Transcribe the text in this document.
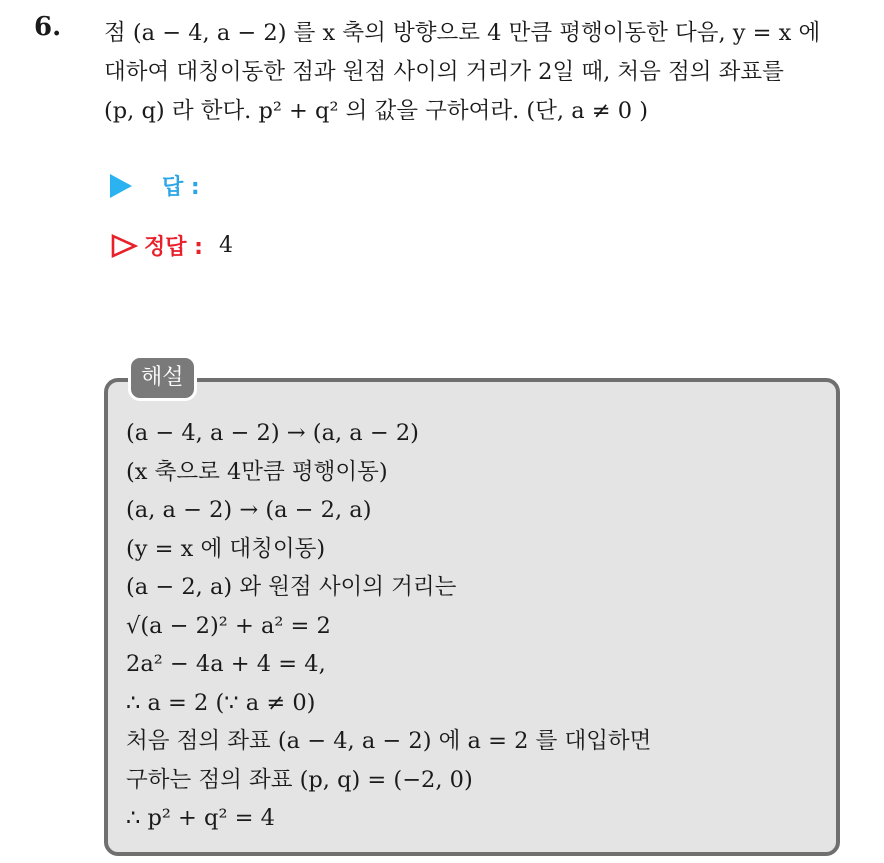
6. 점 (a − 4, a − 2) 를 x 축의 방향으로 4 만큼 평행이동한 다음, y = x 에
대하여 대칭이동한 점과 원점 사이의 거리가 2일 때, 처음 점의 좌표를
(p, q) 라 한다. p² + q² 의 값을 구하여라. (단, a ≠ 0 )
답 :
정답 : 4
해설
(a − 4, a − 2) → (a, a − 2)
(x 축으로 4만큼 평행이동)
(a, a − 2) → (a − 2, a)
(y = x 에 대칭이동)
(a − 2, a) 와 원점 사이의 거리는
√(a − 2)² + a² = 2
2a² − 4a + 4 = 4,
∴ a = 2 (∵ a ≠ 0)
처음 점의 좌표 (a − 4, a − 2) 에 a = 2 를 대입하면
구하는 점의 좌표 (p, q) = (−2, 0)
∴ p² + q² = 4
